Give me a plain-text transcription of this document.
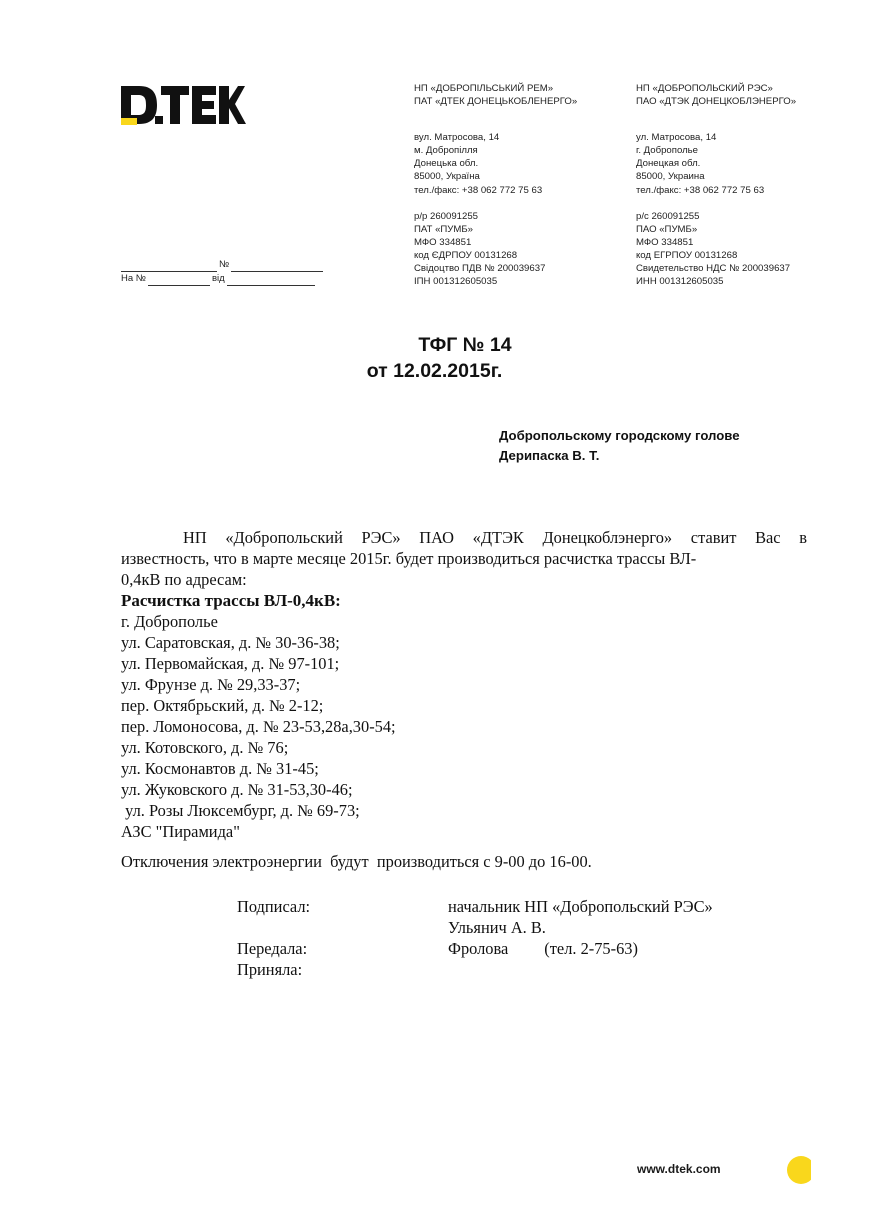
№
На №	від
НП «ДОБРОПІЛЬСЬКИЙ РЕМ»
ПАТ «ДТЕК ДОНЕЦЬКОБЛЕНЕРГО»
вул. Матросова, 14
м. Добропілля
Донецька обл.
85000, Україна
тел./факс: +38 062 772 75 63
р/р 260091255
ПАТ «ПУМБ»
МФО 334851
код ЄДРПОУ 00131268
Свідоцтво ПДВ № 200039637
ІПН 001312605035
НП «ДОБРОПОЛЬСКИЙ РЭС»
ПАО «ДТЭК ДОНЕЦКОБЛЭНЕРГО»
ул. Матросова, 14
г. Доброполье
Донецкая обл.
85000, Украина
тел./факс: +38 062 772 75 63
р/с 260091255
ПАО «ПУМБ»
МФО 334851
код ЕГРПОУ 00131268
Свидетельство НДС № 200039637
ИНН 001312605035
ТФГ № 14
от 12.02.2015г.
Добропольскому городскому голове
Дерипаска В. Т.

НП «Добропольский РЭС» ПАО «ДТЭК Донецкоблэнерго» ставит Вас в
известность, что в марте месяце 2015г. будет производиться расчистка трассы ВЛ-
0,4кВ по адресам:

Расчистка трассы ВЛ-0,4кВ:

г. Доброполье
ул. Саратовская, д. № 30-36-38;
ул. Первомайская, д. № 97-101;
ул. Фрунзе д. № 29,33-37;
пер. Октябрьский, д. № 2-12;
пер. Ломоносова, д. № 23-53,28а,30-54;
ул. Котовского, д. № 76;
ул. Космонавтов д. № 31-45;
ул. Жуковского д. № 31-53,30-46;
ул. Розы Люксембург, д. № 69-73;
АЗС "Пирамида"
Отключения электроэнергии  будут  производиться с 9-00 до 16-00.
Подписал:	начальник НП «Добропольский РЭС»
Ульянич А. В.
Передала:	Фролова (тел. 2-75-63)
Приняла:
www.dtek.com
